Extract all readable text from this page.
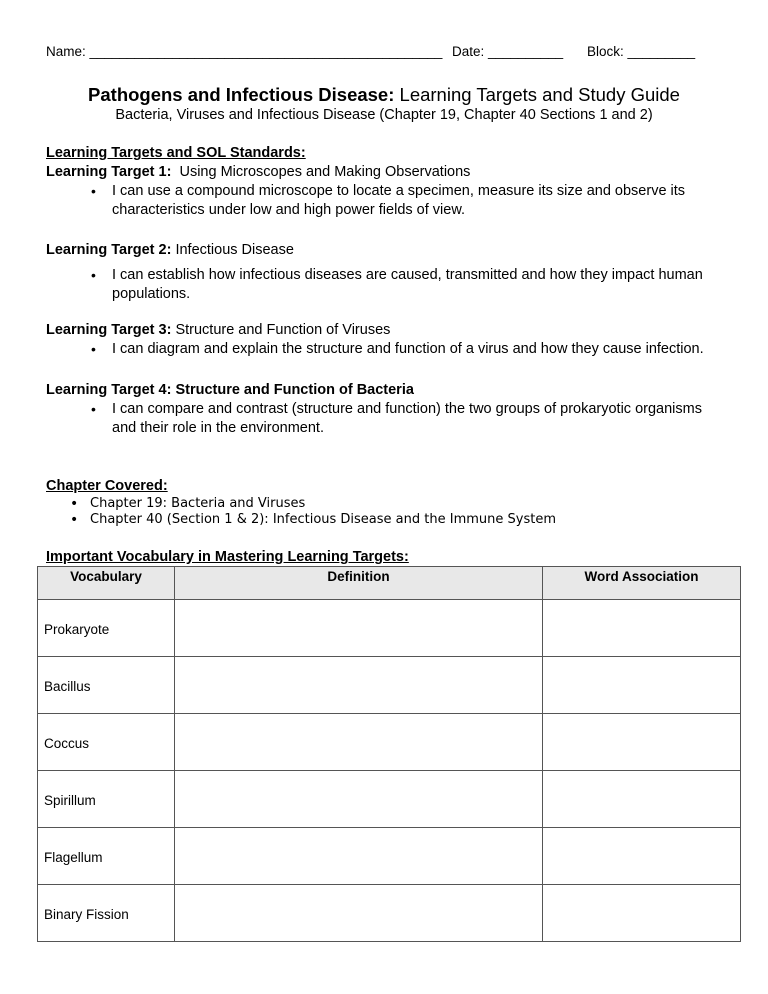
Name: _______________________________________________ Date: __________ Block: _________
Pathogens and Infectious Disease: Learning Targets and Study Guide
Bacteria, Viruses and Infectious Disease (Chapter 19, Chapter 40 Sections 1 and 2)
Learning Targets and SOL Standards:
Learning Target 1:  Using Microscopes and Making Observations
• I can use a compound microscope to locate a specimen, measure its size and observe its characteristics under low and high power fields of view.
Learning Target 2: Infectious Disease
• I can establish how infectious diseases are caused, transmitted and how they impact human populations.
Learning Target 3: Structure and Function of Viruses
• I can diagram and explain the structure and function of a virus and how they cause infection.
Learning Target 4: Structure and Function of Bacteria
• I can compare and contrast (structure and function) the two groups of prokaryotic organisms and their role in the environment.
Chapter Covered:
• Chapter 19: Bacteria and Viruses
• Chapter 40 (Section 1 & 2): Infectious Disease and the Immune System
Important Vocabulary in Mastering Learning Targets:
Vocabulary	Definition	Word Association
Prokaryote		
Bacillus		
Coccus		
Spirillum		
Flagellum		
Binary Fission		
